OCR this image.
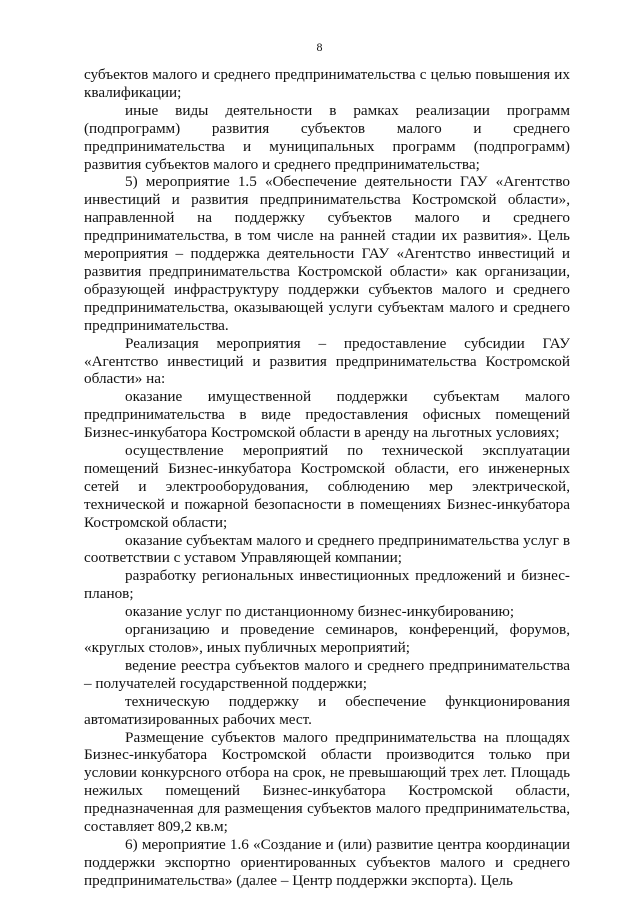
8

субъектов малого и среднего предпринимательства с целью повышения их квалификации;

иные виды деятельности в рамках реализации программ (подпрограмм) развития субъектов малого и среднего предпринимательства и муниципальных программ (подпрограмм) развития субъектов малого и среднего предпринимательства;

5) мероприятие 1.5 «Обеспечение деятельности ГАУ «Агентство инвестиций и развития предпринимательства Костромской области», направленной на поддержку субъектов малого и среднего предпринимательства, в том числе на ранней стадии их развития». Цель мероприятия – поддержка деятельности ГАУ «Агентство инвестиций и развития предпринимательства Костромской области» как организации, образующей инфраструктуру поддержки субъектов малого и среднего предпринимательства, оказывающей услуги субъектам малого и среднего предпринимательства.

Реализация мероприятия – предоставление субсидии ГАУ «Агентство инвестиций и развития предпринимательства Костромской области» на:

оказание имущественной поддержки субъектам малого предпринимательства в виде предоставления офисных помещений Бизнес-инкубатора Костромской области в аренду на льготных условиях;

осуществление мероприятий по технической эксплуатации помещений Бизнес-инкубатора Костромской области, его инженерных сетей и электрооборудования, соблюдению мер электрической, технической и пожарной безопасности в помещениях Бизнес-инкубатора Костромской области;

оказание субъектам малого и среднего предпринимательства услуг в соответствии с уставом Управляющей компании;

разработку региональных инвестиционных предложений и бизнес-планов;

оказание услуг по дистанционному бизнес-инкубированию;

организацию и проведение семинаров, конференций, форумов, «круглых столов», иных публичных мероприятий;

ведение реестра субъектов малого и среднего предпринимательства – получателей государственной поддержки;

техническую поддержку и обеспечение функционирования автоматизированных рабочих мест.

Размещение субъектов малого предпринимательства на площадях Бизнес-инкубатора Костромской области производится только при условии конкурсного отбора на срок, не превышающий трех лет. Площадь нежилых помещений Бизнес-инкубатора Костромской области, предназначенная для размещения субъектов малого предпринимательства, составляет 809,2 кв.м;

6) мероприятие 1.6 «Создание и (или) развитие центра координации поддержки экспортно ориентированных субъектов малого и среднего предпринимательства» (далее – Центр поддержки экспорта). Цель
